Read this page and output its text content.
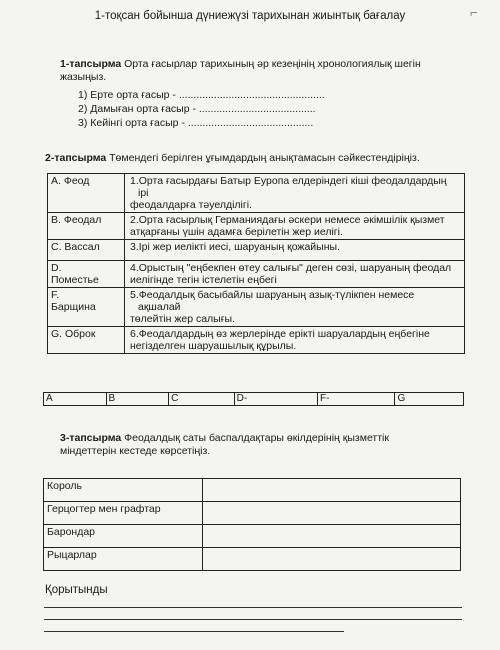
1-тоқсан бойынша дүниежүзі тарихынан жиынтық бағалау	⌐
1-тапсырма Орта ғасырлар тарихының әр кезеңінің хронологиялық шегін
жазыңыз.
1) Ерте орта ғасыр - ..................................................
2) Дамыған орта ғасыр - ........................................
3) Кейінгі орта ғасыр - ...........................................
2-тапсырма Төмендегі берілген ұғымдардың анықтамасын сәйкестендіріңіз.
А. Феод	1.Орта ғасырдағы Батыр Еуропа елдеріндегі кіші феодалдардың
ірі
феодалдарға тәуелділігі.
B. Феодал	2.Орта ғасырлық Германиядағы әскери немесе әкімшілік қызмет
атқарғаны үшін адамға берілетін жер иелігі.
C. Вассал	3.Ірі жер иелікті иесі, шаруаның қожайыны.
D.
Поместье	4.Орыстың "еңбекпен өтеу салығы" деген сөзі, шаруаның феодал
иелігінде тегін істелетін еңбегі
F.
Барщина	5.Феодалдық басыбайлы шаруаның азық-түлікпен немесе
ақшалай
төлейтін жер салығы.
G. Оброк	6.Феодалдардың өз жерлерінде ерікті шаруалардың еңбегіне
негізделген шаруашылық құрылы.
А	В	С	D-	F-	G
3-тапсырма Феодалдық саты баспалдақтары өкілдерінің қызметтік
міндеттерін кестеде көрсетіңіз.
Король	
Герцогтер мен графтар	
Барондар	
Рыцарлар	
Қорытынды
